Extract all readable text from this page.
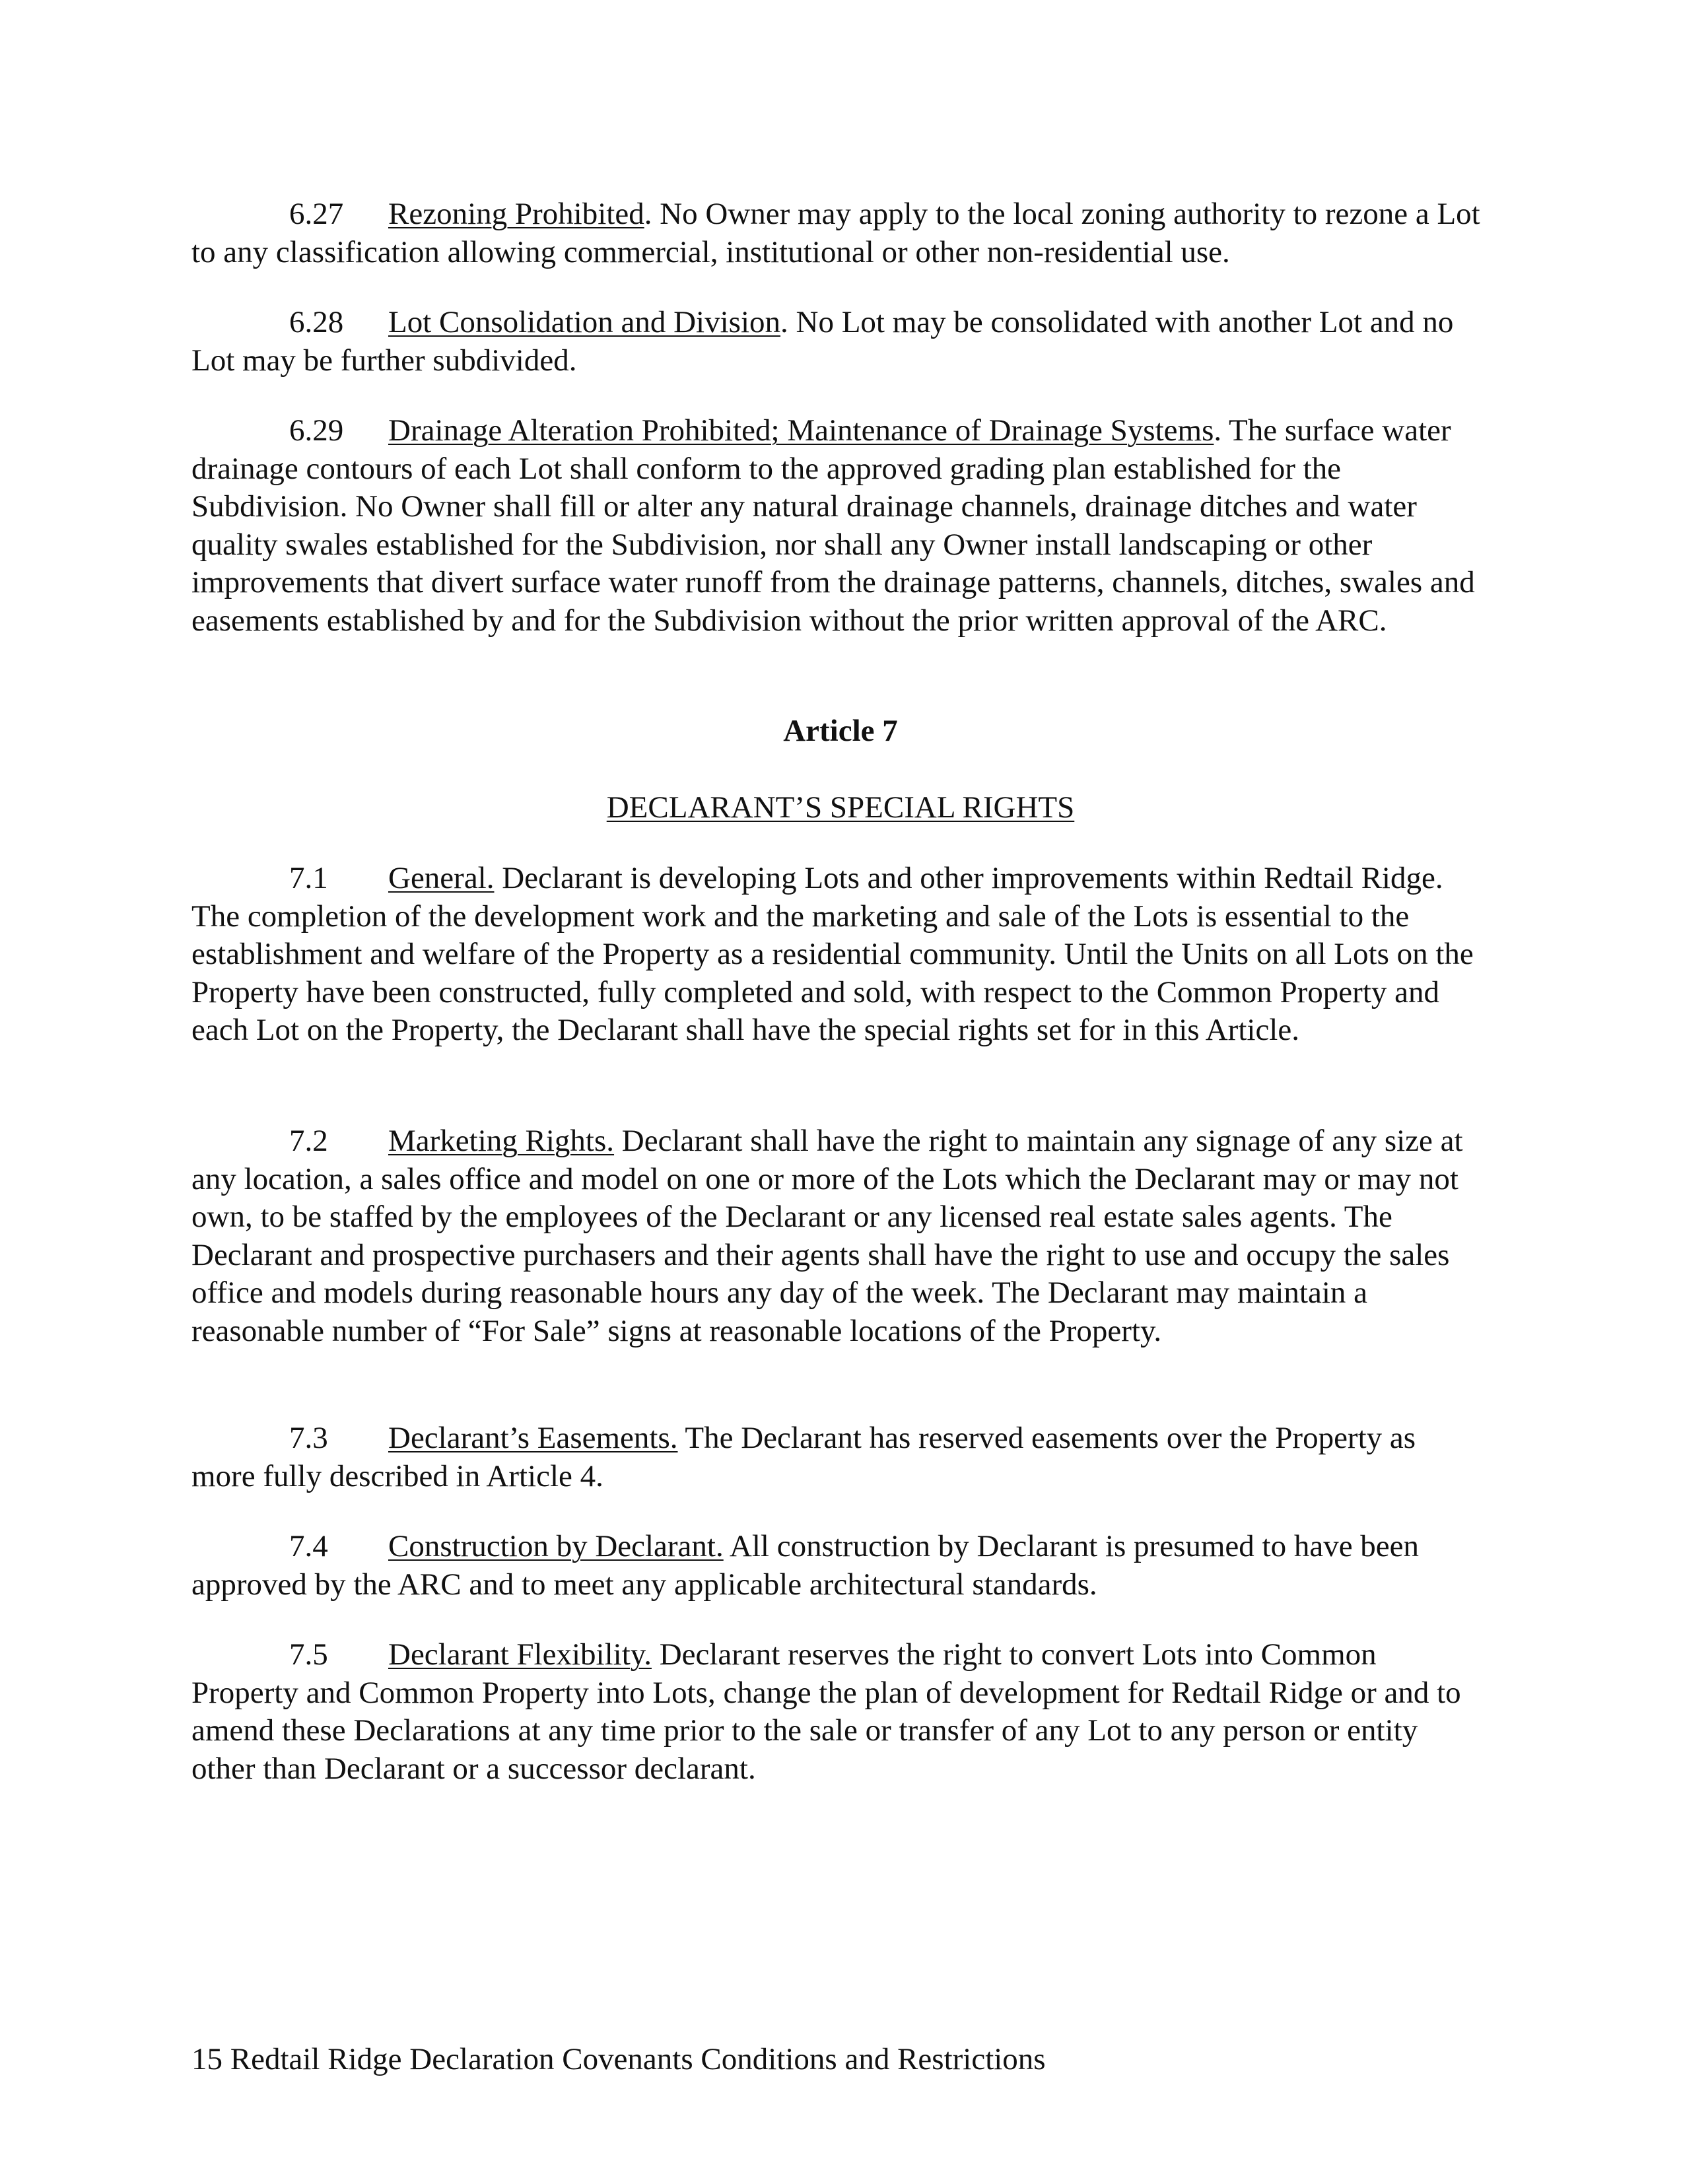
6.27 Rezoning Prohibited. No Owner may apply to the local zoning authority to rezone a Lot to any classification allowing commercial, institutional or other non-residential use.

6.28 Lot Consolidation and Division. No Lot may be consolidated with another Lot and no Lot may be further subdivided.

6.29 Drainage Alteration Prohibited; Maintenance of Drainage Systems. The surface water drainage contours of each Lot shall conform to the approved grading plan established for the Subdivision. No Owner shall fill or alter any natural drainage channels, drainage ditches and water quality swales established for the Subdivision, nor shall any Owner install landscaping or other improvements that divert surface water runoff from the drainage patterns, channels, ditches, swales and easements established by and for the Subdivision without the prior written approval of the ARC.

Article 7

DECLARANT’S SPECIAL RIGHTS

7.1 General. Declarant is developing Lots and other improvements within Redtail Ridge. The completion of the development work and the marketing and sale of the Lots is essential to the establishment and welfare of the Property as a residential community. Until the Units on all Lots on the Property have been constructed, fully completed and sold, with respect to the Common Property and each Lot on the Property, the Declarant shall have the special rights set for in this Article.

7.2 Marketing Rights. Declarant shall have the right to maintain any signage of any size at any location, a sales office and model on one or more of the Lots which the Declarant may or may not own, to be staffed by the employees of the Declarant or any licensed real estate sales agents. The Declarant and prospective purchasers and their agents shall have the right to use and occupy the sales office and models during reasonable hours any day of the week. The Declarant may maintain a reasonable number of “For Sale” signs at reasonable locations of the Property.

7.3 Declarant’s Easements. The Declarant has reserved easements over the Property as more fully described in Article 4.

7.4 Construction by Declarant. All construction by Declarant is presumed to have been approved by the ARC and to meet any applicable architectural standards.

7.5 Declarant Flexibility. Declarant reserves the right to convert Lots into Common Property and Common Property into Lots, change the plan of development for Redtail Ridge or and to amend these Declarations at any time prior to the sale or transfer of any Lot to any person or entity other than Declarant or a successor declarant.

15 Redtail Ridge Declaration Covenants Conditions and Restrictions
